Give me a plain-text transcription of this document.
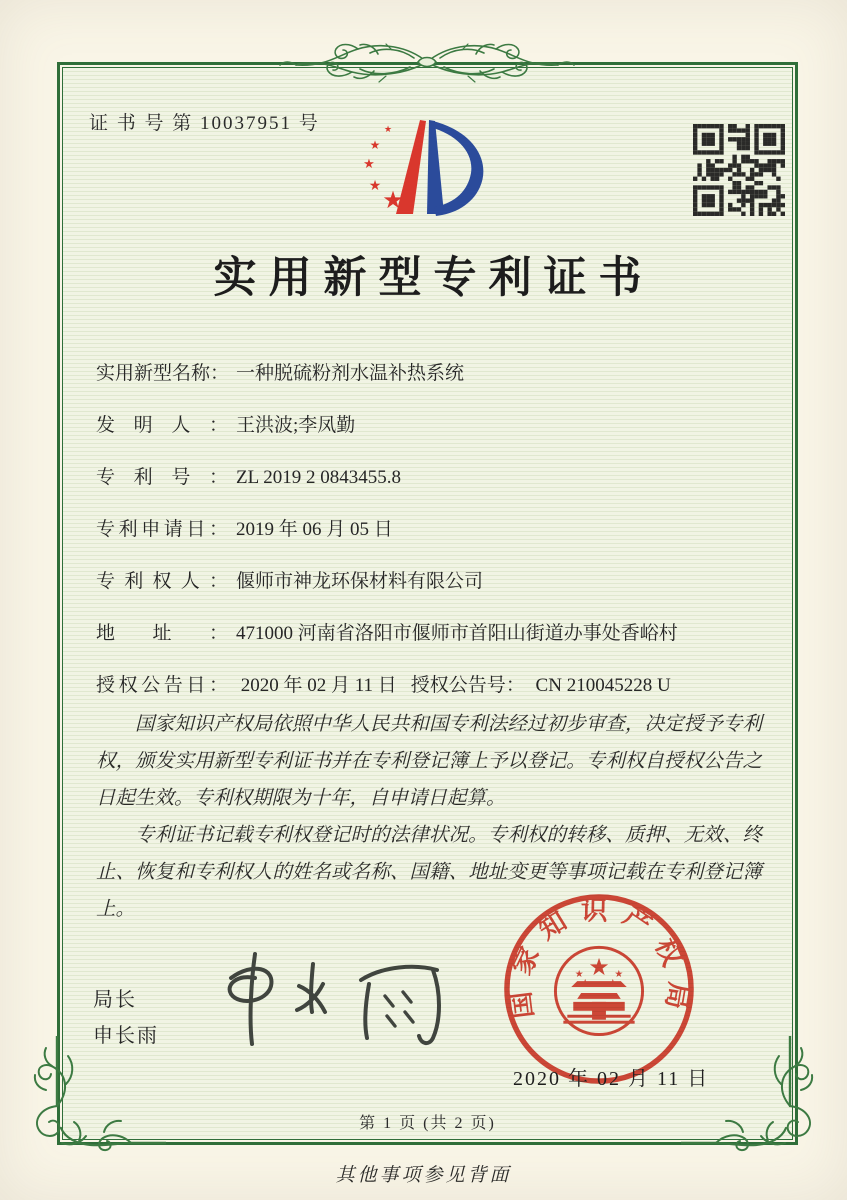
证 书 号 第 10037951 号
★
★
★
★
★
实用新型专利证书
实用新型名称 ：	一种脱硫粉剂水温补热系统
发明人 ：	王洪波;李凤勤
专利号 ：	ZL 2019 2 0843455.8
专利申请日 ：	2019 年 06 月 05 日
专利权人 ：	偃师市神龙环保材料有限公司
地址 ：	471000 河南省洛阳市偃师市首阳山街道办事处香峪村
授权公告日 ： 2020 年 02 月 11 日 授权公告号 ： CN 210045228 U

国家知识产权局依照中华人民共和国专利法经过初步审查，决定授予专利权，颁发实用新型专利证书并在专利登记簿上予以登记。专利权自授权公告之日起生效。专利权期限为十年，自申请日起算。

专利证书记载专利权登记时的法律状况。专利权的转移、质押、无效、终止、恢复和专利权人的姓名或名称、国籍、地址变更等事项记载在专利登记簿上。

局长
申长雨
国家知识产权局
★
★	★
2020 年 02 月 11 日
第 1 页 (共 2 页)
其他事项参见背面
